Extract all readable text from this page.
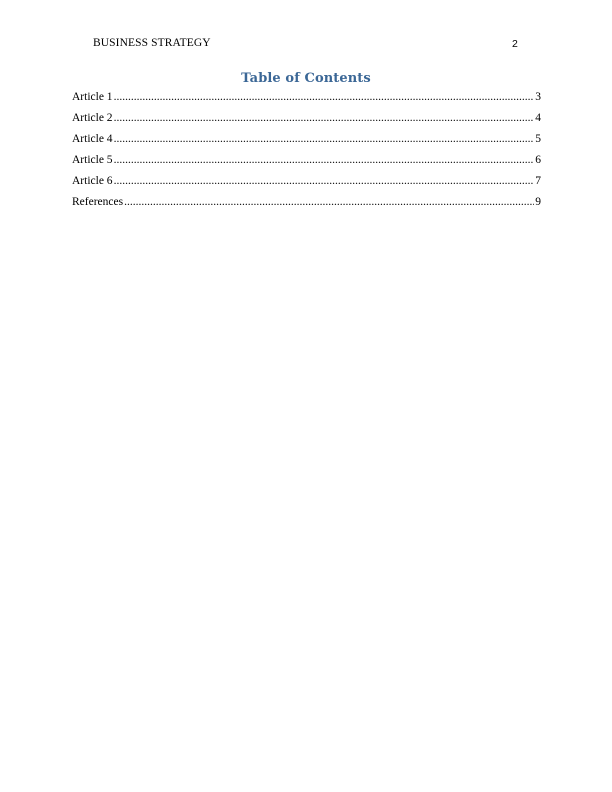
BUSINESS STRATEGY	2
Table of Contents
Article 1 .....	3
Article 2 .....	4
Article 4 .....	5
Article 5 .....	6
Article 6 .....	7
References .....	9
